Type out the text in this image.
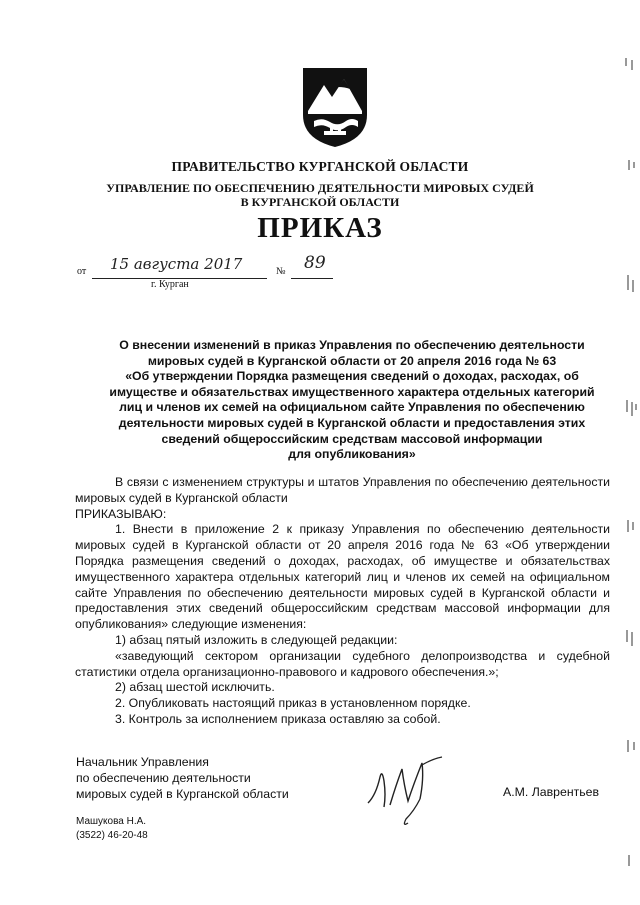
ПРАВИТЕЛЬСТВО КУРГАНСКОЙ ОБЛАСТИ
УПРАВЛЕНИЕ ПО ОБЕСПЕЧЕНИЮ ДЕЯТЕЛЬНОСТИ МИРОВЫХ СУДЕЙ
В КУРГАНСКОЙ ОБЛАСТИ
ПРИКАЗ
от 15 августа 2017	№ 89
г. Курган
О внесении изменений в приказ Управления по обеспечению деятельности
мировых судей в Курганской области от 20 апреля 2016 года № 63
«Об утверждении Порядка размещения сведений о доходах, расходах, об
имуществе и обязательствах имущественного характера отдельных категорий
лиц и членов их семей на официальном сайте Управления по обеспечению
деятельности мировых судей в Курганской области и предоставления этих
сведений общероссийским средствам массовой информации
для опубликования»

В связи с изменением структуры и штатов Управления по обеспечению деятельности мировых судей в Курганской области

ПРИКАЗЫВАЮ:

1. Внести в приложение 2 к приказу Управления по обеспечению деятельности мировых судей в Курганской области от 20 апреля 2016 года № 63 «Об утверждении Порядка размещения сведений о доходах, расходах, об имуществе и обязательствах имущественного характера отдельных категорий лиц и членов их семей на официальном сайте Управления по обеспечению деятельности мировых судей в Курганской области и предоставления этих сведений общероссийским средствам массовой информации для опубликования» следующие изменения:

1) абзац пятый изложить в следующей редакции:

«заведующий сектором организации судебного делопроизводства и судебной статистики отдела организационно-правового и кадрового обеспечения.»;

2) абзац шестой исключить.

2. Опубликовать настоящий приказ в установленном порядке.

3. Контроль за исполнением приказа оставляю за собой.

Начальник Управления
по обеспечению деятельности
мировых судей в Курганской области	А.М. Лаврентьев
Машукова Н.А.
(3522) 46-20-48
